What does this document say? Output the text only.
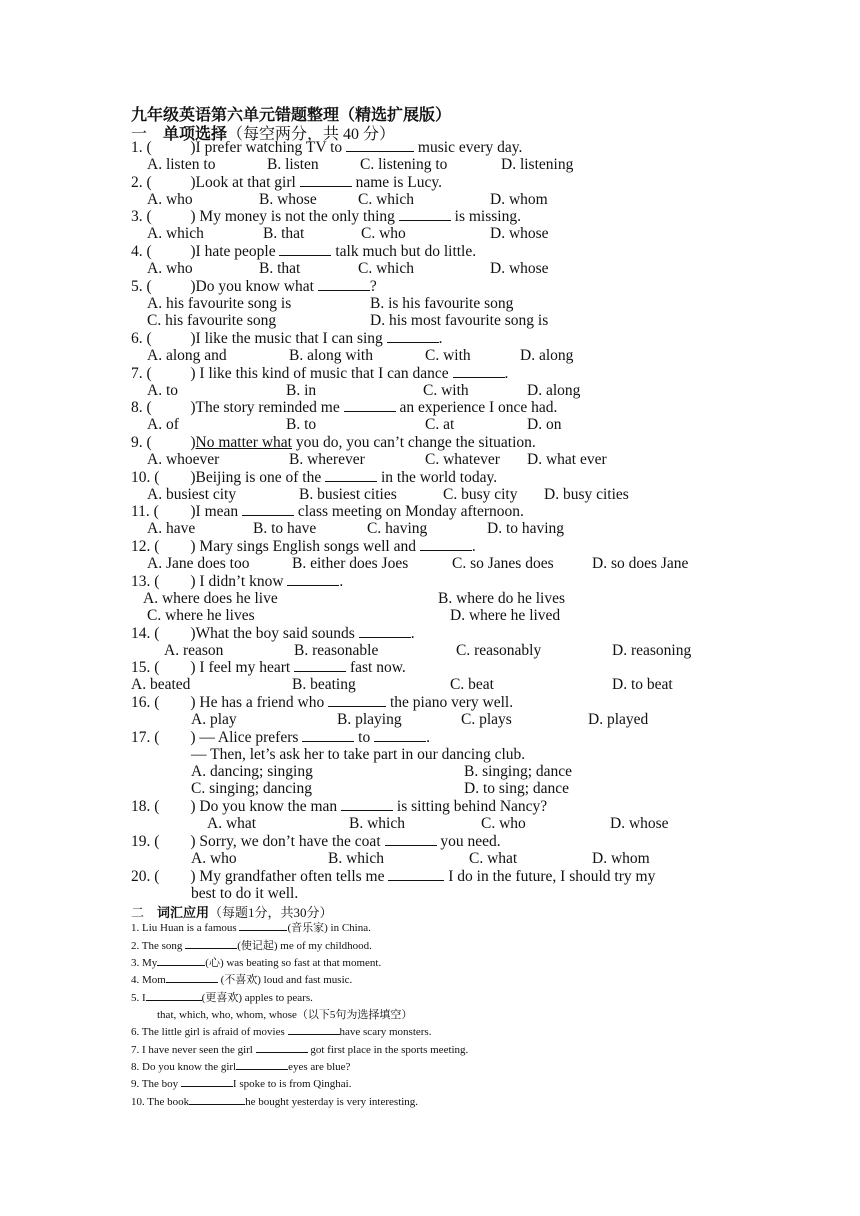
九年级英语第六单元错题整理（精选扩展版）
一 单项选择（每空两分，共 40 分）
1. ( )I prefer watching TV to	music every day.
A. listen to	B. listen	C. listening to	D. listening
2. ( )Look at that girl	name is Lucy.
A. who	B. whose	C. which	D. whom
3. ( ) My money is not the only thing	is missing.
A. which	B. that	C. who	D. whose
4. ( )I hate people	talk much but do little.
A. who	B. that	C. which	D. whose
5. ( )Do you know what	?
A. his favourite song is	B. is his favourite song
C. his favourite song	D. his most favourite song is
6. ( )I like the music that I can sing	.
A. along and	B. along with	C. with	D. along
7. ( ) I like this kind of music that I can dance	.
A. to	B. in	C. with	D. along
8. ( )The story reminded me	an experience I once had.
A. of	B. to	C. at	D. on
9. ( )No matter what you do, you can’t change the situation.
A. whoever	B. wherever	C. whatever D. what ever
10. ( )Beijing is one of the	in the world today.
A. busiest city	B. busiest cities	C. busy city D. busy cities
11. ( )I mean	class meeting on Monday afternoon.
A. have	B. to have	C. having	D. to having
12. ( ) Mary sings English songs well and	.
A. Jane does too	B. either does Joes	C. so Janes does D. so does Jane
13. ( ) I didn’t know	.
A. where does he live	B. where do he lives
C. where he lives	D. where he lived
14. ( )What the boy said sounds	.
A. reason	B. reasonable	C. reasonably	D. reasoning
15. ( ) I feel my heart	fast now.
A. beated	B. beating	C. beat	D. to beat
16. ( ) He has a friend who	the piano very well.
A. play	B. playing	C. plays	D. played
17. ( ) — Alice prefers	to	.
— Then, let’s ask her to take part in our dancing club.
A. dancing; singing	B. singing; dance
C. singing; dancing	D. to sing; dance
18. ( ) Do you know the man	is sitting behind Nancy?
A. what	B. which	C. who	D. whose
19. ( ) Sorry, we don’t have the coat	you need.
A. who	B. which	C. what	D. whom
20. ( ) My grandfather often tells me	I do in the future, I should try my
best to do it well.
二 词汇应用（每题1分，共30分）
1. Liu Huan is a famous	(音乐家) in China.
2. The song	(使记起) me of my childhood.
3. My	(心) was beating so fast at that moment.
4. Mom	(不喜欢) loud and fast music.
5. I	(更喜欢) apples to pears.
that, which, who, whom, whose（以下5句为选择填空）
6. The little girl is afraid of movies	have scary monsters.
7. I have never seen the girl	got first place in the sports meeting.
8. Do you know the girl	eyes are blue?
9. The boy	I spoke to is from Qinghai.
10. The book	he bought yesterday is very interesting.
